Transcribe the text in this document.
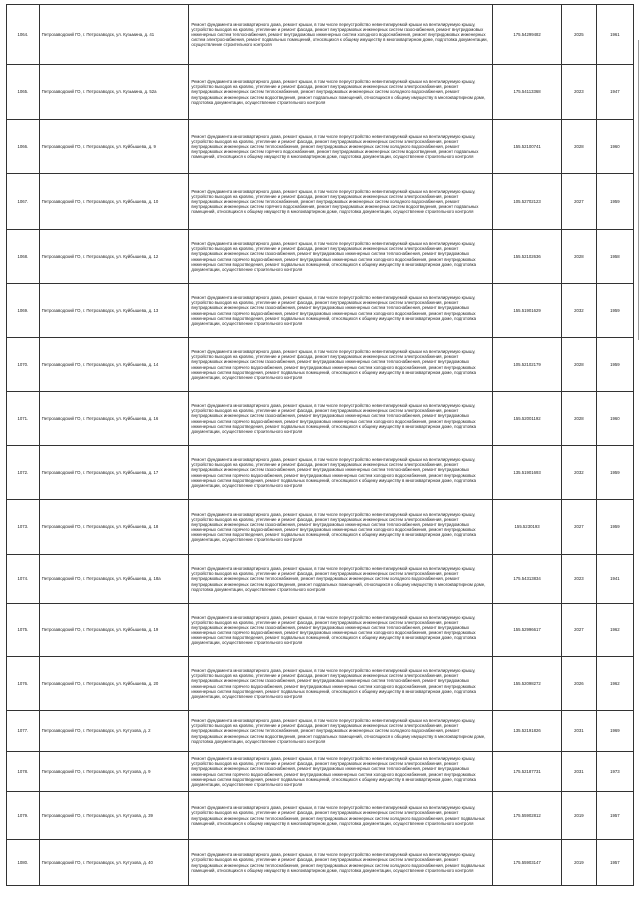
1064.	Петрозаводский ГО, г. Петрозаводск, ул. Кузьмина, д. 41	Ремонт фундамента многоквартирного дома, ремонт крыши, в том числе переустройство невентилируемой крыши на вентилируемую крышу, устройство выходов на кровлю, утепление и ремонт фасада, ремонт внутридомовых инженерных систем газоснабжения, ремонт внутридомовых инженерных систем теплоснабжения, ремонт внутридомовых инженерных систем холодного водоснабжения, ремонт внутридомовых инженерных систем электроснабжения, ремонт подвальных помещений, относящихся к общему имуществу в многоквартирном доме, подготовка документации, осуществление строительного контроля	175.54299482	2025	1961
1065.	Петрозаводский ГО, г. Петрозаводск, ул. Кузьмина, д. 52а	Ремонт фундамента многоквартирного дома, ремонт крыши, в том числе переустройство невентилируемой крыши на вентилируемую крышу, устройство выходов на кровлю, утепление и ремонт фасада, ремонт внутридомовых инженерных систем электроснабжения, ремонт внутридомовых инженерных систем теплоснабжения, ремонт внутридомовых инженерных систем холодного водоснабжения, ремонт внутридомовых инженерных систем водоотведения, ремонт подвальных помещений, относящихся к общему имуществу в многоквартирном доме, подготовка документации, осуществление строительного контроля	175.54113368	2023	1947
1066.	Петрозаводский ГО, г. Петрозаводск, ул. Куйбышева, д. 9	Ремонт фундамента многоквартирного дома, ремонт крыши, в том числе переустройство невентилируемой крыши на вентилируемую крышу, устройство выходов на кровлю, утепление и ремонт фасада, ремонт внутридомовых инженерных систем электроснабжения, ремонт внутридомовых инженерных систем теплоснабжения, ремонт внутридомовых инженерных систем холодного водоснабжения, ремонт внутридомовых инженерных систем горячего водоснабжения, ремонт внутридомовых инженерных систем водоотведения, ремонт подвальных помещений, относящихся к общему имуществу в многоквартирном доме, подготовка документации, осуществление строительного контроля	155.52100741	2028	1960
1067.	Петрозаводский ГО, г. Петрозаводск, ул. Куйбышева, д. 10	Ремонт фундамента многоквартирного дома, ремонт крыши, в том числе переустройство невентилируемой крыши на вентилируемую крышу, устройство выходов на кровлю, утепление и ремонт фасада, ремонт внутридомовых инженерных систем электроснабжения, ремонт внутридомовых инженерных систем теплоснабжения, ремонт внутридомовых инженерных систем холодного водоснабжения, ремонт внутридомовых инженерных систем горячего водоснабжения, ремонт внутридомовых инженерных систем водоотведения, ремонт подвальных помещений, относящихся к общему имуществу в многоквартирном доме, подготовка документации, осуществление строительного контроля	105.52702123	2027	1959
1068.	Петрозаводский ГО, г. Петрозаводск, ул. Куйбышева, д. 12	Ремонт фундамента многоквартирного дома, ремонт крыши, в том числе переустройство невентилируемой крыши на вентилируемую крышу, устройство выходов на кровлю, утепление и ремонт фасада, ремонт внутридомовых инженерных систем электроснабжения, ремонт внутридомовых инженерных систем газоснабжения, ремонт внутридомовых инженерных систем теплоснабжения, ремонт внутридомовых инженерных систем горячего водоснабжения, ремонт внутридомовых инженерных систем холодного водоснабжения, ремонт внутридомовых инженерных систем водоотведения, ремонт подвальных помещений, относящихся к общему имуществу в многоквартирном доме, подготовка документации, осуществление строительного контроля	155.52102636	2028	1958
1069.	Петрозаводский ГО, г. Петрозаводск, ул. Куйбышева, д. 13	Ремонт фундамента многоквартирного дома, ремонт крыши, в том числе переустройство невентилируемой крыши на вентилируемую крышу, устройство выходов на кровлю, утепление и ремонт фасада, ремонт внутридомовых инженерных систем электроснабжения, ремонт внутридомовых инженерных систем газоснабжения, ремонт внутридомовых инженерных систем теплоснабжения, ремонт внутридомовых инженерных систем горячего водоснабжения, ремонт внутридомовых инженерных систем холодного водоснабжения, ремонт внутридомовых инженерных систем водоотведения, ремонт подвальных помещений, относящихся к общему имуществу в многоквартирном доме, подготовка документации, осуществление строительного контроля	155.51901629	2032	1959
1070.	Петрозаводский ГО, г. Петрозаводск, ул. Куйбышева, д. 14	Ремонт фундамента многоквартирного дома, ремонт крыши, в том числе переустройство невентилируемой крыши на вентилируемую крышу, устройство выходов на кровлю, утепление и ремонт фасада, ремонт внутридомовых инженерных систем электроснабжения, ремонт внутридомовых инженерных систем газоснабжения, ремонт внутридомовых инженерных систем теплоснабжения, ремонт внутридомовых инженерных систем горячего водоснабжения, ремонт внутридомовых инженерных систем холодного водоснабжения, ремонт внутридомовых инженерных систем водоотведения, ремонт подвальных помещений, относящихся к общему имуществу в многоквартирном доме, подготовка документации, осуществление строительного контроля	105.52102179	2028	1959
1071.	Петрозаводский ГО, г. Петрозаводск, ул. Куйбышева, д. 16	Ремонт фундамента многоквартирного дома, ремонт крыши, в том числе переустройство невентилируемой крыши на вентилируемую крышу, устройство выходов на кровлю, утепление и ремонт фасада, ремонт внутридомовых инженерных систем электроснабжения, ремонт внутридомовых инженерных систем газоснабжения, ремонт внутридомовых инженерных систем теплоснабжения, ремонт внутридомовых инженерных систем горячего водоснабжения, ремонт внутридомовых инженерных систем холодного водоснабжения, ремонт внутридомовых инженерных систем водоотведения, ремонт подвальных помещений, относящихся к общему имуществу в многоквартирном доме, подготовка документации, осуществление строительного контроля	155.52001192	2028	1960
1072.	Петрозаводский ГО, г. Петрозаводск, ул. Куйбышева, д. 17	Ремонт фундамента многоквартирного дома, ремонт крыши, в том числе переустройство невентилируемой крыши на вентилируемую крышу, устройство выходов на кровлю, утепление и ремонт фасада, ремонт внутридомовых инженерных систем электроснабжения, ремонт внутридомовых инженерных систем газоснабжения, ремонт внутридомовых инженерных систем теплоснабжения, ремонт внутридомовых инженерных систем горячего водоснабжения, ремонт внутридомовых инженерных систем холодного водоснабжения, ремонт внутридомовых инженерных систем водоотведения, ремонт подвальных помещений, относящихся к общему имуществу в многоквартирном доме, подготовка документации, осуществление строительного контроля	135.51901693	2032	1959
1073.	Петрозаводский ГО, г. Петрозаводск, ул. Куйбышева, д. 18	Ремонт фундамента многоквартирного дома, ремонт крыши, в том числе переустройство невентилируемой крыши на вентилируемую крышу, устройство выходов на кровлю, утепление и ремонт фасада, ремонт внутридомовых инженерных систем электроснабжения, ремонт внутридомовых инженерных систем газоснабжения, ремонт внутридомовых инженерных систем теплоснабжения, ремонт внутридомовых инженерных систем горячего водоснабжения, ремонт внутридомовых инженерных систем холодного водоснабжения, ремонт внутридомовых инженерных систем водоотведения, ремонт подвальных помещений, относящихся к общему имуществу в многоквартирном доме, подготовка документации, осуществление строительного контроля	155.5230193	2027	1959
1074.	Петрозаводский ГО, г. Петрозаводск, ул. Куйбышева, д. 18а	Ремонт фундамента многоквартирного дома, ремонт крыши, в том числе переустройство невентилируемой крыши на вентилируемую крышу, устройство выходов на кровлю, утепление и ремонт фасада, ремонт внутридомовых инженерных систем электроснабжения, ремонт внутридомовых инженерных систем теплоснабжения, ремонт внутридомовых инженерных систем холодного водоснабжения, ремонт внутридомовых инженерных систем водоотведения, ремонт подвальных помещений, относящихся к общему имуществу в многоквартирном доме, подготовка документации, осуществление строительного контроля	175.54313834	2023	1941
1075.	Петрозаводский ГО, г. Петрозаводск, ул. Куйбышева, д. 19	Ремонт фундамента многоквартирного дома, ремонт крыши, в том числе переустройство невентилируемой крыши на вентилируемую крышу, устройство выходов на кровлю, утепление и ремонт фасада, ремонт внутридомовых инженерных систем электроснабжения, ремонт внутридомовых инженерных систем газоснабжения, ремонт внутридомовых инженерных систем теплоснабжения, ремонт внутридомовых инженерных систем горячего водоснабжения, ремонт внутридомовых инженерных систем холодного водоснабжения, ремонт внутридомовых инженерных систем водоотведения, ремонт подвальных помещений, относящихся к общему имуществу в многоквартирном доме, подготовка документации, осуществление строительного контроля	155.52996617	2027	1962
1076.	Петрозаводский ГО, г. Петрозаводск, ул. Куйбышева, д. 20	Ремонт фундамента многоквартирного дома, ремонт крыши, в том числе переустройство невентилируемой крыши на вентилируемую крышу, устройство выходов на кровлю, утепление и ремонт фасада, ремонт внутридомовых инженерных систем электроснабжения, ремонт внутридомовых инженерных систем газоснабжения, ремонт внутридомовых инженерных систем теплоснабжения, ремонт внутридомовых инженерных систем горячего водоснабжения, ремонт внутридомовых инженерных систем холодного водоснабжения, ремонт внутридомовых инженерных систем водоотведения, ремонт подвальных помещений, относящихся к общему имуществу в многоквартирном доме, подготовка документации, осуществление строительного контроля	155.52098272	2026	1962
1077.	Петрозаводский ГО, г. Петрозаводск, ул. Кутузова, д. 2	Ремонт фундамента многоквартирного дома, ремонт крыши, в том числе переустройство невентилируемой крыши на вентилируемую крышу, устройство выходов на кровлю, утепление и ремонт фасада, ремонт внутридомовых инженерных систем электроснабжения, ремонт внутридомовых инженерных систем теплоснабжения, ремонт внутридомовых инженерных систем холодного водоснабжения, ремонт внутридомовых инженерных систем водоотведения, ремонт подвальных помещений, относящихся к общему имуществу в многоквартирном доме, подготовка документации, осуществление строительного контроля	135.52191826	2031	1969
1078.	Петрозаводский ГО, г. Петрозаводск, ул. Кутузова, д. 9	Ремонт фундамента многоквартирного дома, ремонт крыши, в том числе переустройство невентилируемой крыши на вентилируемую крышу, устройство выходов на кровлю, утепление и ремонт фасада, ремонт внутридомовых инженерных систем электроснабжения, ремонт внутридомовых инженерных систем газоснабжения, ремонт внутридомовых инженерных систем теплоснабжения, ремонт внутридомовых инженерных систем горячего водоснабжения, ремонт внутридомовых инженерных систем холодного водоснабжения, ремонт внутридомовых инженерных систем водоотведения, ремонт подвальных помещений, относящихся к общему имуществу в многоквартирном доме, подготовка документации, осуществление строительного контроля	175.52187731	2031	1973
1079.	Петрозаводский ГО, г. Петрозаводск, ул. Кутузова, д. 39	Ремонт фундамента многоквартирного дома, ремонт крыши, в том числе переустройство невентилируемой крыши на вентилируемую крышу, устройство выходов на кровлю, утепление и ремонт фасада, ремонт внутридомовых инженерных систем электроснабжения, ремонт внутридомовых инженерных систем теплоснабжения, ремонт внутридомовых инженерных систем холодного водоснабжения, ремонт подвальных помещений, относящихся к общему имуществу в многоквартирном доме, подготовка документации, осуществление строительного контроля	175.55902812	2019	1957
1080.	Петрозаводский ГО, г. Петрозаводск, ул. Кутузова, д. 40	Ремонт фундамента многоквартирного дома, ремонт крыши, в том числе переустройство невентилируемой крыши на вентилируемую крышу, устройство выходов на кровлю, утепление и ремонт фасада, ремонт внутридомовых инженерных систем электроснабжения, ремонт внутридомовых инженерных систем теплоснабжения, ремонт внутридомовых инженерных систем холодного водоснабжения, ремонт подвальных помещений, относящихся к общему имуществу в многоквартирном доме, подготовка документации, осуществление строительного контроля	175.55903147	2019	1957
